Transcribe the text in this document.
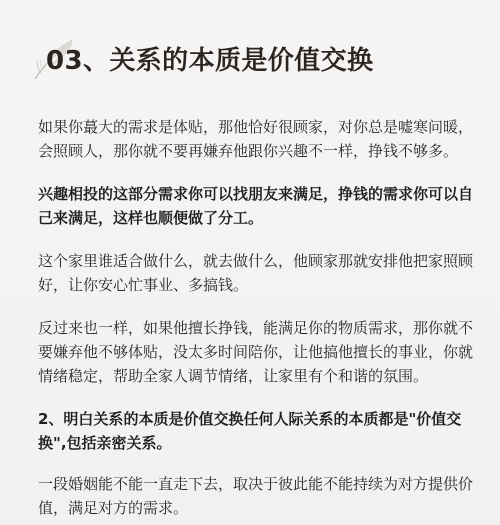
03、关系的本质是价值交换

如果你蕞大的需求是体贴，那他恰好很顾家，对你总是嘘寒问暖，会照顾人，那你就不要再嫌弃他跟你兴趣不一样，挣钱不够多。

兴趣相投的这部分需求你可以找朋友来满足，挣钱的需求你可以自己来满足，这样也顺便做了分工。

这个家里谁适合做什么，就去做什么，他顾家那就安排他把家照顾好，让你安心忙事业、多搞钱。

反过来也一样，如果他擅长挣钱，能满足你的物质需求，那你就不要嫌弃他不够体贴，没太多时间陪你，让他搞他擅长的事业，你就情绪稳定，帮助全家人调节情绪，让家里有个和谐的氛围。

2、明白关系的本质是价值交换任何人际关系的本质都是"价值交换",包括亲密关系。

一段婚姻能不能一直走下去，取决于彼此能不能持续为对方提供价值，满足对方的需求。
